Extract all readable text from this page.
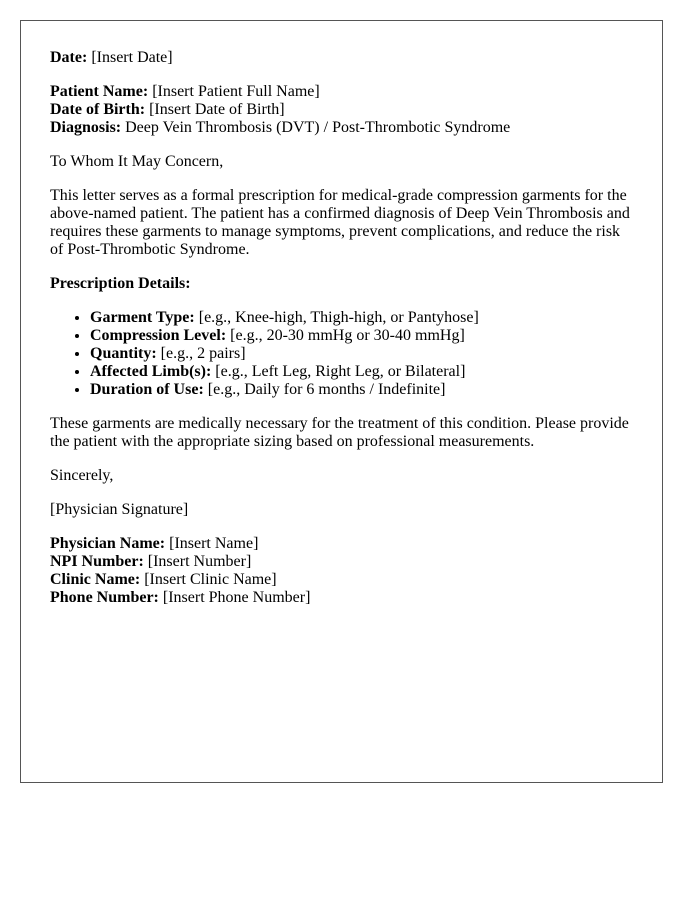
Date: [Insert Date]

Patient Name: [Insert Patient Full Name]
Date of Birth: [Insert Date of Birth]
Diagnosis: Deep Vein Thrombosis (DVT) / Post-Thrombotic Syndrome

To Whom It May Concern,

This letter serves as a formal prescription for medical-grade compression garments for the above-named patient. The patient has a confirmed diagnosis of Deep Vein Thrombosis and requires these garments to manage symptoms, prevent complications, and reduce the risk of Post-Thrombotic Syndrome.

Prescription Details:

• Garment Type: [e.g., Knee-high, Thigh-high, or Pantyhose]
• Compression Level: [e.g., 20-30 mmHg or 30-40 mmHg]
• Quantity: [e.g., 2 pairs]
• Affected Limb(s): [e.g., Left Leg, Right Leg, or Bilateral]
• Duration of Use: [e.g., Daily for 6 months / Indefinite]

These garments are medically necessary for the treatment of this condition. Please provide the patient with the appropriate sizing based on professional measurements.

Sincerely,

[Physician Signature]

Physician Name: [Insert Name]
NPI Number: [Insert Number]
Clinic Name: [Insert Clinic Name]
Phone Number: [Insert Phone Number]
